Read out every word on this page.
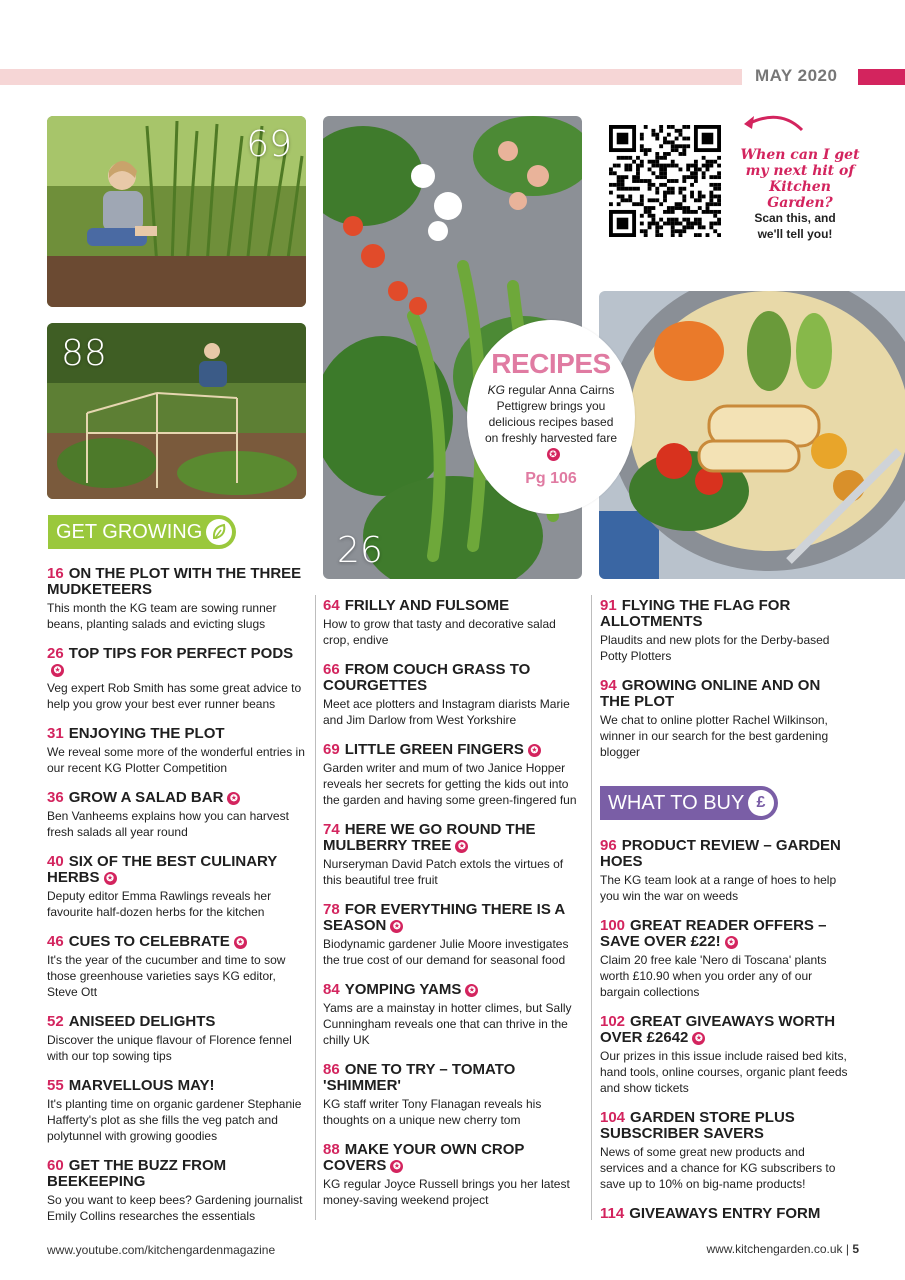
MAY 2020
69
88
GET GROWING
16 ON THE PLOT WITH THE THREE MUDKETEERS
This month the KG team are sowing runner beans, planting salads and evicting slugs
26 TOP TIPS FOR PERFECT PODS✪
Veg expert Rob Smith has some great advice to help you grow your best ever runner beans
31 ENJOYING THE PLOT
We reveal some more of the wonderful entries in our recent KG Plotter Competition
36 GROW A SALAD BAR ✪
Ben Vanheems explains how you can harvest fresh salads all year round
40 SIX OF THE BEST CULINARY HERBS ✪
Deputy editor Emma Rawlings reveals her favourite half-dozen herbs for the kitchen
46 CUES TO CELEBRATE ✪
It's the year of the cucumber and time to sow those greenhouse varieties says KG editor, Steve Ott
52 ANISEED DELIGHTS
Discover the unique flavour of Florence fennel with our top sowing tips
55 MARVELLOUS MAY!
It's planting time on organic gardener Stephanie Hafferty's plot as she fills the veg patch and polytunnel with growing goodies
60 GET THE BUZZ FROM BEEKEEPING
So you want to keep bees? Gardening journalist Emily Collins researches the essentials
26
64 FRILLY AND FULSOME
How to grow that tasty and decorative salad crop, endive
66 FROM COUCH GRASS TO COURGETTES
Meet ace plotters and Instagram diarists Marie and Jim Darlow from West Yorkshire
69 LITTLE GREEN FINGERS ✪
Garden writer and mum of two Janice Hopper reveals her secrets for getting the kids out into the garden and having some green-fingered fun
74 HERE WE GO ROUND THE MULBERRY TREE ✪
Nurseryman David Patch extols the virtues of this beautiful tree fruit
78 FOR EVERYTHING THERE IS A SEASON ✪
Biodynamic gardener Julie Moore investigates the true cost of our demand for seasonal food
84 YOMPING YAMS ✪
Yams are a mainstay in hotter climes, but Sally Cunningham reveals one that can thrive in the chilly UK
86 ONE TO TRY – TOMATO 'SHIMMER'
KG staff writer Tony Flanagan reveals his thoughts on a unique new cherry tom
88 MAKE YOUR OWN CROP COVERS ✪
KG regular Joyce Russell brings you her latest money-saving weekend project
When can I get my next hit of Kitchen Garden?
Scan this, and we'll tell you!
RECIPES
KG regular Anna Cairns Pettigrew brings you delicious recipes based on freshly harvested fare ✪
Pg 106
91 FLYING THE FLAG FOR ALLOTMENTS
Plaudits and new plots for the Derby-based Potty Plotters
94 GROWING ONLINE AND ON THE PLOT
We chat to online plotter Rachel Wilkinson, winner in our search for the best gardening blogger
WHAT TO BUY £
96 PRODUCT REVIEW – GARDEN HOES
The KG team look at a range of hoes to help you win the war on weeds
100 GREAT READER OFFERS – SAVE OVER £22! ✪
Claim 20 free kale 'Nero di Toscana' plants worth £10.90 when you order any of our bargain collections
102 GREAT GIVEAWAYS WORTH OVER £2642 ✪
Our prizes in this issue include raised bed kits, hand tools, online courses, organic plant feeds and show tickets
104 GARDEN STORE PLUS SUBSCRIBER SAVERS
News of some great new products and services and a chance for KG subscribers to save up to 10% on big-name products!
114 GIVEAWAYS ENTRY FORM
www.youtube.com/kitchengardenmagazine	www.kitchengarden.co.uk | 5
